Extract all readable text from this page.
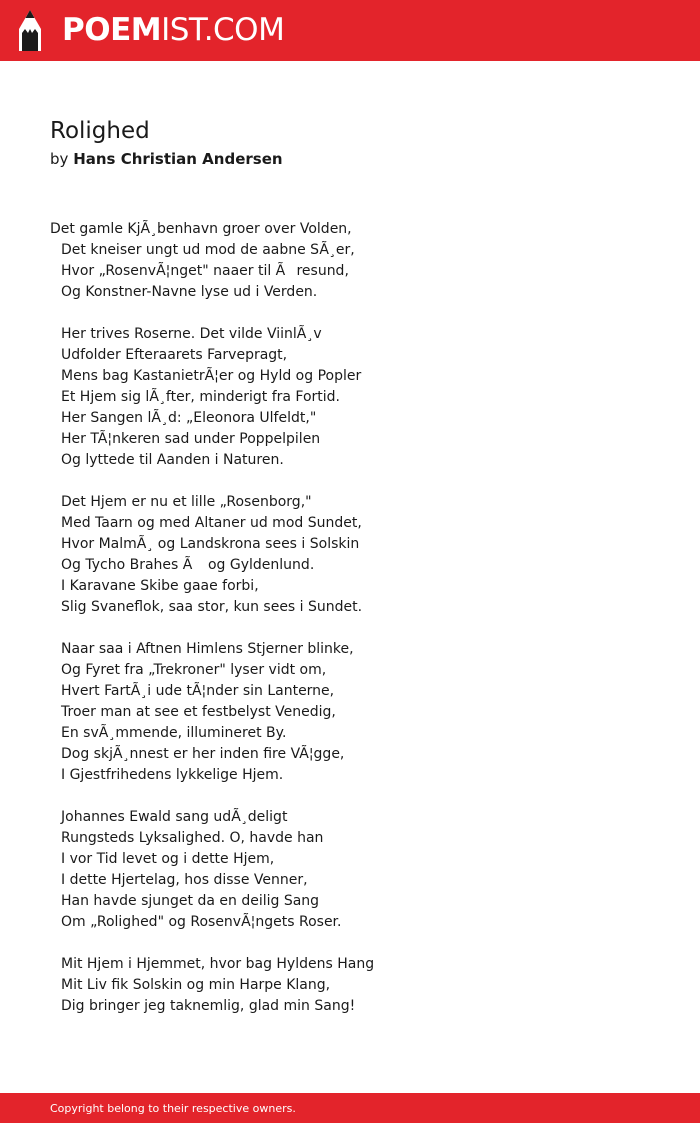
POEMIST.COM
Rolighed
by Hans Christian Andersen
Det gamle KjÃ¸benhavn groer over Volden,
Det kneiser ungt ud mod de aabne SÃ¸er,
Hvor „RosenvÃ¦nget" naaer til Ãresund,
Og Konstner-Navne lyse ud i Verden.
Her trives Roserne. Det vilde ViinlÃ¸v
Udfolder Efteraarets Farvepragt,
Mens bag KastanietrÃ¦er og Hyld og Popler
Et Hjem sig lÃ¸fter, minderigt fra Fortid.
Her Sangen lÃ¸d: „Eleonora Ulfeldt,"
Her TÃ¦nkeren sad under Poppelpilen
Og lyttede til Aanden i Naturen.
Det Hjem er nu et lille „Rosenborg,"
Med Taarn og med Altaner ud mod Sundet,
Hvor MalmÃ¸ og Landskrona sees i Solskin
Og Tycho Brahes Ã og Gyldenlund.
I Karavane Skibe gaae forbi,
Slig Svaneflok, saa stor, kun sees i Sundet.
Naar saa i Aftnen Himlens Stjerner blinke,
Og Fyret fra „Trekroner" lyser vidt om,
Hvert FartÃ¸i ude tÃ¦nder sin Lanterne,
Troer man at see et festbelyst Venedig,
En svÃ¸mmende, illumineret By.
Dog skjÃ¸nnest er her inden fire VÃ¦gge,
I Gjestfrihedens lykkelige Hjem.
Johannes Ewald sang udÃ¸deligt
Rungsteds Lyksalighed. O, havde han
I vor Tid levet og i dette Hjem,
I dette Hjertelag, hos disse Venner,
Han havde sjunget da en deilig Sang
Om „Rolighed" og RosenvÃ¦ngets Roser.
Mit Hjem i Hjemmet, hvor bag Hyldens Hang
Mit Liv fik Solskin og min Harpe Klang,
Dig bringer jeg taknemlig, glad min Sang!
Copyright belong to their respective owners.
